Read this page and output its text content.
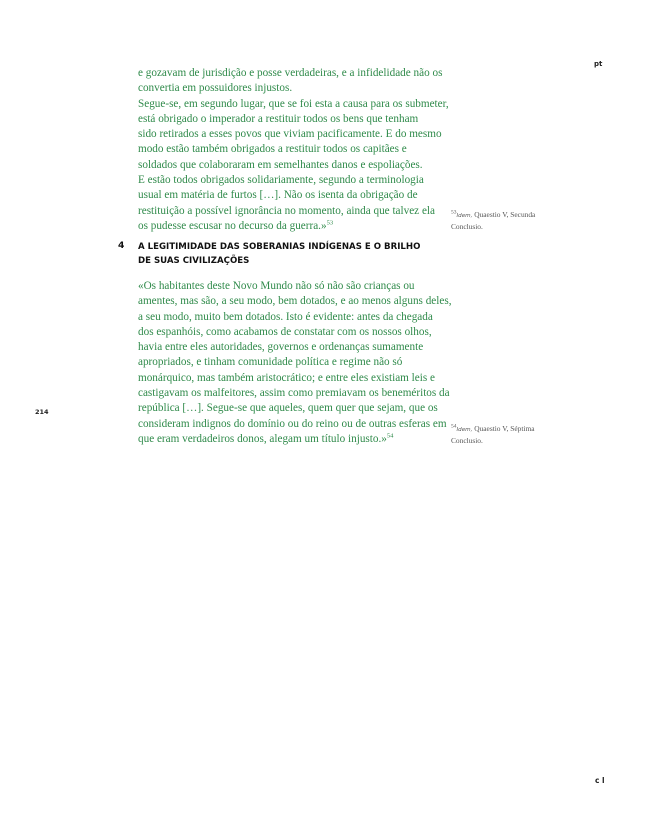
pt
e gozavam de jurisdição e posse verdadeiras, e a infidelidade não os
convertia em possuidores injustos.
Segue-se, em segundo lugar, que se foi esta a causa para os submeter,
está obrigado o imperador a restituir todos os bens que tenham
sido retirados a esses povos que viviam pacificamente. E do mesmo
modo estão também obrigados a restituir todos os capitães e
soldados que colaboraram em semelhantes danos e espoliações.
E estão todos obrigados solidariamente, segundo a terminologia
usual em matéria de furtos […]. Não os isenta da obrigação de
restituição a possível ignorância no momento, ainda que talvez ela
os pudesse escusar no decurso da guerra.»$^{53}$
$^{53}$Idem, Quaestio V, Secunda
Conclusio.
4 A LEGITIMIDADE DAS SOBERANIAS INDÍGENAS E O BRILHO
DE SUAS CIVILIZAÇÕES
«Os habitantes deste Novo Mundo não só não são crianças ou
amentes, mas são, a seu modo, bem dotados, e ao menos alguns deles,
a seu modo, muito bem dotados. Isto é evidente: antes da chegada
dos espanhóis, como acabamos de constatar com os nossos olhos,
havia entre eles autoridades, governos e ordenanças sumamente
apropriados, e tinham comunidade política e regime não só
monárquico, mas também aristocrático; e entre eles existiam leis e
castigavam os malfeitores, assim como premiavam os beneméritos da
república […]. Segue-se que aqueles, quem quer que sejam, que os
consideram indignos do domínio ou do reino ou de outras esferas em
que eram verdadeiros donos, alegam um título injusto.»$^{54}$
214
$^{54}$Idem, Quaestio V, Séptima
Conclusio.
c l
